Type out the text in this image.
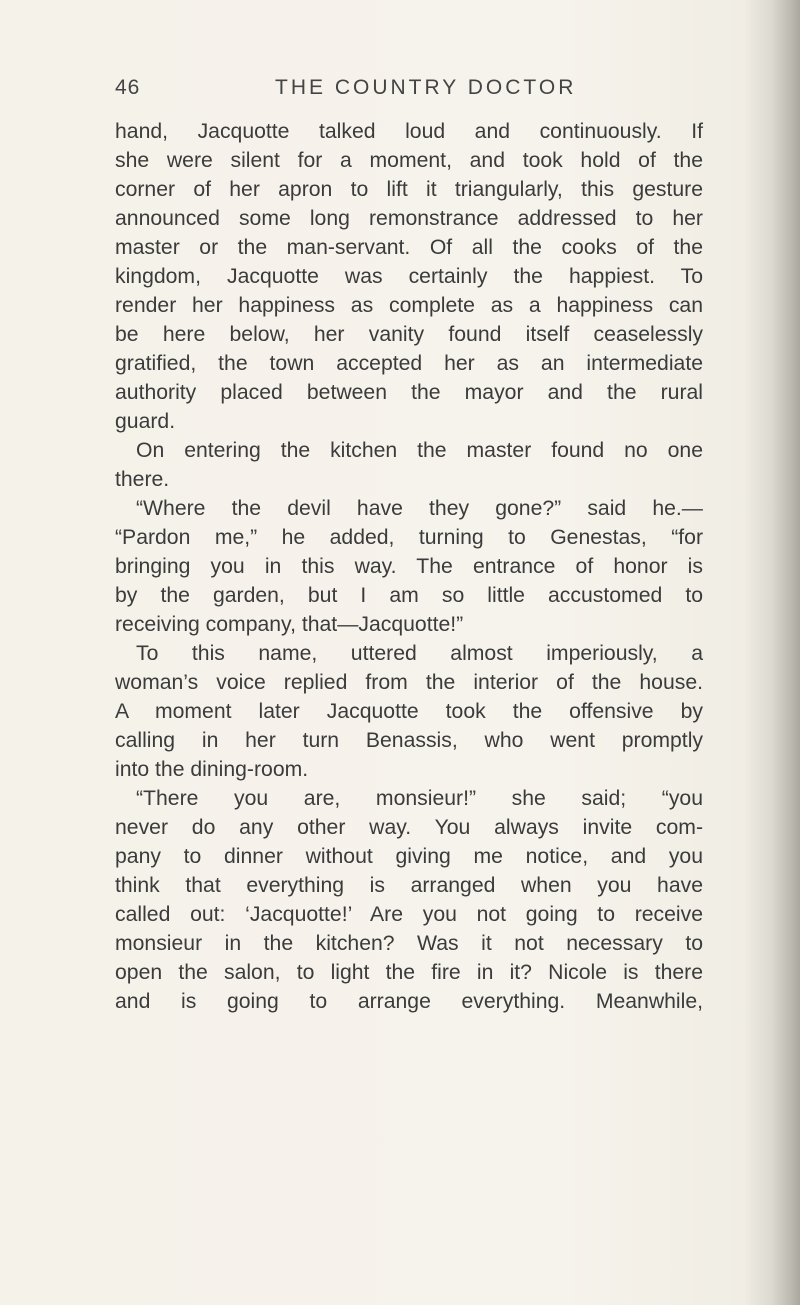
46	THE COUNTRY DOCTOR
hand, Jacquotte talked loud and continuously. If
she were silent for a moment, and took hold of the
corner of her apron to lift it triangularly, this gesture
announced some long remonstrance addressed to her
master or the man-servant. Of all the cooks of the
kingdom, Jacquotte was certainly the happiest. To
render her happiness as complete as a happiness can
be here below, her vanity found itself ceaselessly
gratified, the town accepted her as an intermediate
authority placed between the mayor and the rural
guard.
On entering the kitchen the master found no one
there.
“Where the devil have they gone?” said he.—
“Pardon me,” he added, turning to Genestas, “for
bringing you in this way. The entrance of honor is
by the garden, but I am so little accustomed to
receiving company, that—Jacquotte!”
To this name, uttered almost imperiously, a
woman’s voice replied from the interior of the house.
A moment later Jacquotte took the offensive by
calling in her turn Benassis, who went promptly
into the dining-room.
“There you are, monsieur!” she said; “you
never do any other way. You always invite com-
pany to dinner without giving me notice, and you
think that everything is arranged when you have
called out: ‘Jacquotte!’ Are you not going to receive
monsieur in the kitchen? Was it not necessary to
open the salon, to light the fire in it? Nicole is there
and is going to arrange everything. Meanwhile,
